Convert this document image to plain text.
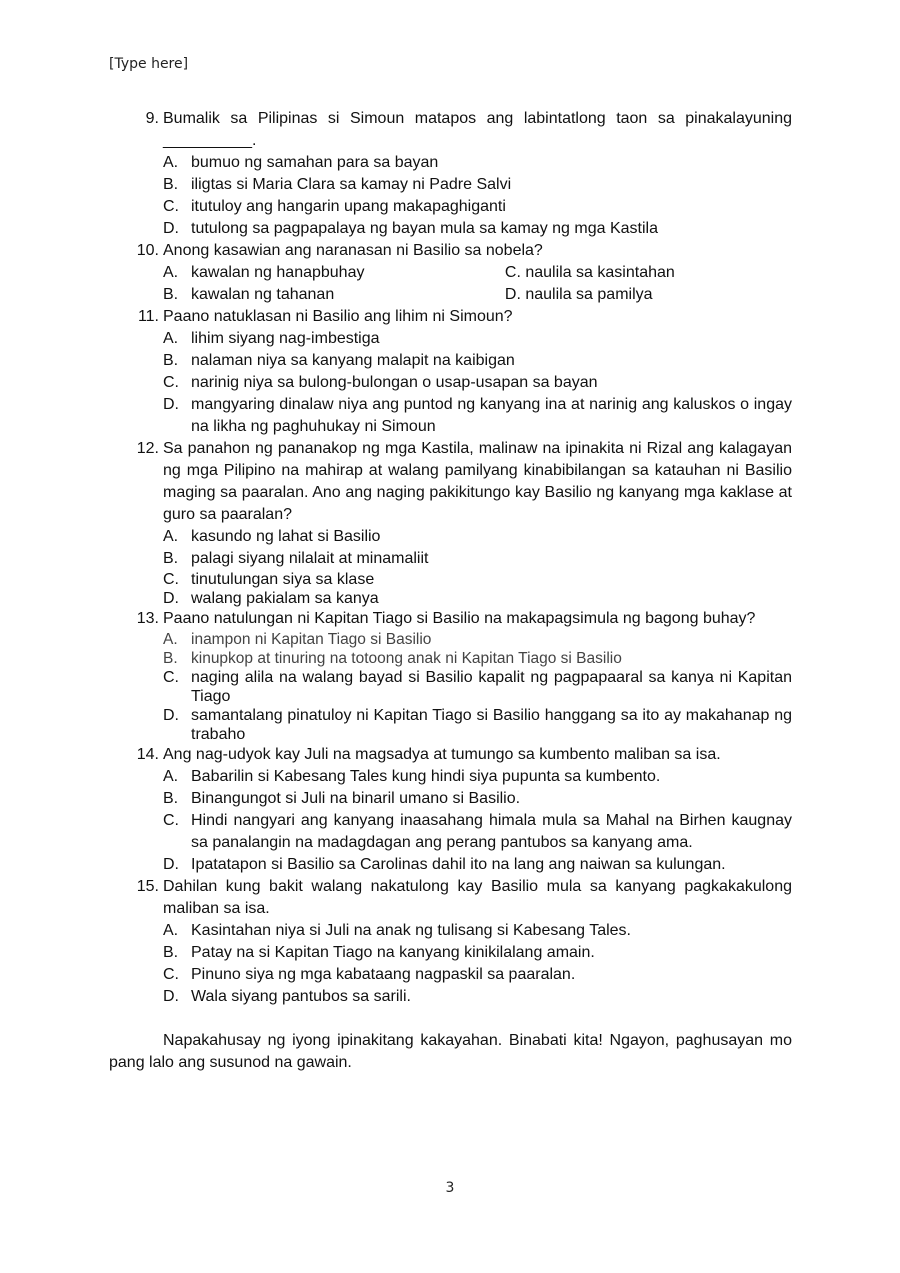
[Type here]
9. Bumalik sa Pilipinas si Simoun matapos ang labintatlong taon sa pinakalayuning __________.
A. bumuo ng samahan para sa bayan
B. iligtas si Maria Clara sa kamay ni Padre Salvi
C. itutuloy ang hangarin upang makapaghiganti
D. tutulong sa pagpapalaya ng bayan mula sa kamay ng mga Kastila
10. Anong kasawian ang naranasan ni Basilio sa nobela?
A. kawalan ng hanapbuhay	C. naulila sa kasintahan
B. kawalan ng tahanan	D. naulila sa pamilya
11. Paano natuklasan ni Basilio ang lihim ni Simoun?
A. lihim siyang nag-imbestiga
B. nalaman niya sa kanyang malapit na kaibigan
C. narinig niya sa bulong-bulongan o usap-usapan sa bayan
D. mangyaring dinalaw niya ang puntod ng kanyang ina at narinig ang kaluskos o ingay na likha ng paghuhukay ni Simoun
12. Sa panahon ng pananakop ng mga Kastila, malinaw na ipinakita ni Rizal ang kalagayan ng mga Pilipino na mahirap at walang pamilyang kinabibilangan sa katauhan ni Basilio maging sa paaralan. Ano ang naging pakikitungo kay Basilio ng kanyang mga kaklase at guro sa paaralan?
A. kasundo ng lahat si Basilio
B. palagi siyang nilalait at minamaliit
C. tinutulungan siya sa klase
D. walang pakialam sa kanya
13. Paano natulungan ni Kapitan Tiago si Basilio na makapagsimula ng bagong buhay?
A. inampon ni Kapitan Tiago si Basilio
B. kinupkop at tinuring na totoong anak ni Kapitan Tiago si Basilio
C. naging alila na walang bayad si Basilio kapalit ng pagpapaaral sa kanya ni Kapitan Tiago
D. samantalang pinatuloy ni Kapitan Tiago si Basilio hanggang sa ito ay makahanap ng trabaho
14. Ang nag-udyok kay Juli na magsadya at tumungo sa kumbento maliban sa isa.
A. Babarilin si Kabesang Tales kung hindi siya pupunta sa kumbento.
B. Binangungot si Juli na binaril umano si Basilio.
C. Hindi nangyari ang kanyang inaasahang himala mula sa Mahal na Birhen kaugnay sa panalangin na madagdagan ang perang pantubos sa kanyang ama.
D. Ipatatapon si Basilio sa Carolinas dahil ito na lang ang naiwan sa kulungan.
15. Dahilan kung bakit walang nakatulong kay Basilio mula sa kanyang pagkakakulong maliban sa isa.
A. Kasintahan niya si Juli na anak ng tulisang si Kabesang Tales.
B. Patay na si Kapitan Tiago na kanyang kinikilalang amain.
C. Pinuno siya ng mga kabataang nagpaskil sa paaralan.
D. Wala siyang pantubos sa sarili.
Napakahusay ng iyong ipinakitang kakayahan. Binabati kita! Ngayon, paghusayan mo pang lalo ang susunod na gawain.
3
